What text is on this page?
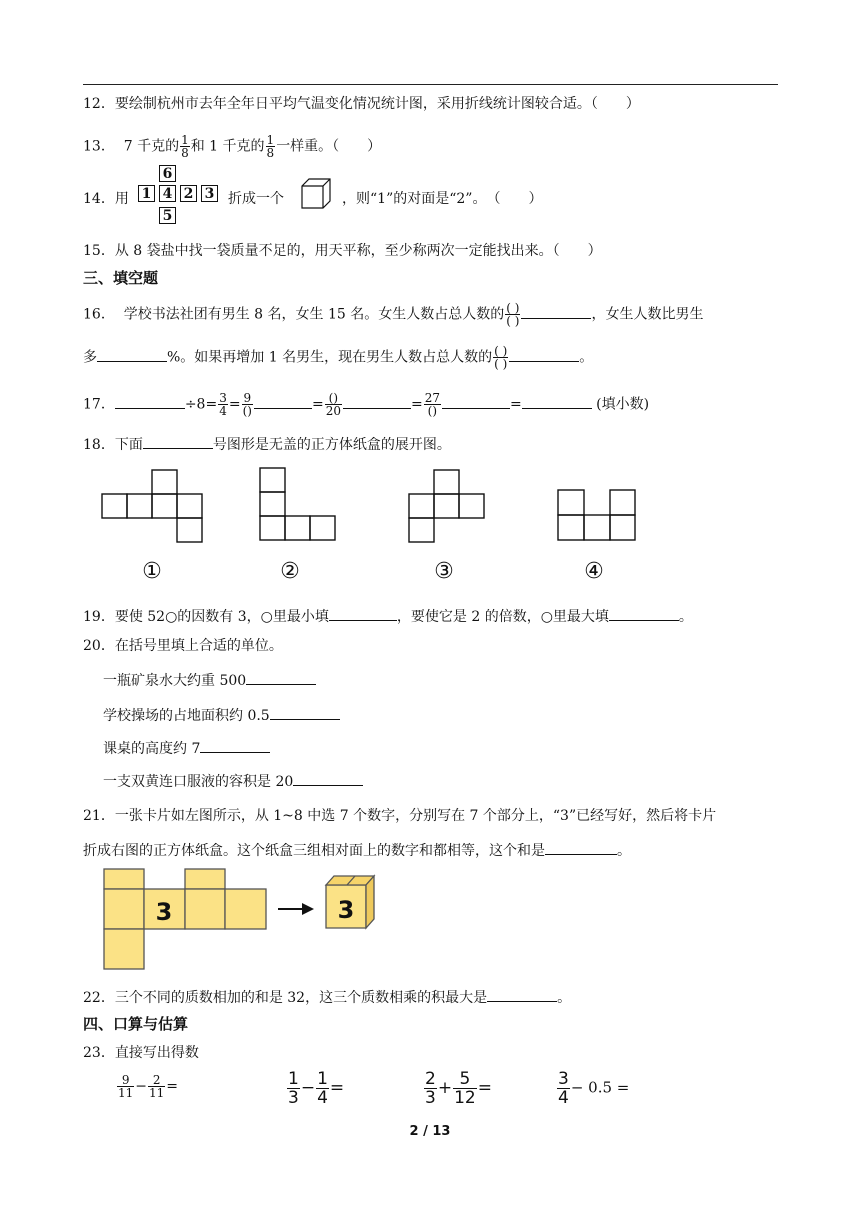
12．要绘制杭州市去年全年日平均气温变化情况统计图，采用折线统计图较合适。（　　）
13． 7 千克的 $\frac{1}{8}$ 和 1 千克的 $\frac{1}{8}$ 一样重。（　　）
14．用
6
1 4 2 3
5
折成一个	，则“1”的对面是“2”。　（　　）
15．从 8 袋盐中找一袋质量不足的，用天平称，至少称两次一定能找出来。（　　）
三、填空题
16． 学校书法社团有男生 8 名，女生 15 名。女生人数占总人数的 $\frac{( )}{( )}$	，女生人数比男生
多	%。如果再增加 1 名男生，现在男生人数占总人数的 $\frac{( )}{( )}$	。
17．	$\div 8= \frac{3}{4} = \frac{9}{()}$	= $\frac{()}{20}$	= $\frac{27}{()}$	=	(填小数)
18．下面	号图形是无盖的正方体纸盒的展开图。
①	②	③	④
19．要使 52○的因数有 3，○里最小填	，要使它是 2 的倍数，○里最大填	。
20．在括号里填上合适的单位。
一瓶矿泉水大约重 500
学校操场的占地面积约 0.5
课桌的高度约 7
一支双黄连口服液的容积是 20
21．一张卡片如左图所示，从 1~8 中选 7 个数字，分别写在 7 个部分上，“3”已经写好，然后将卡片
折成右图的正方体纸盒。这个纸盒三组相对面上的数字和都相等，这个和是	。
3	3
22．三个不同的质数相加的和是 32，这三个质数相乘的积最大是	。
四、口算与估算
23．直接写出得数
$\frac{9}{11} - \frac{2}{11}$ =	$\frac{1}{3} - \frac{1}{4}$ =	$\frac{2}{3} + \frac{5}{12}$ =	$\frac{3}{4} - 0.5$ =
2 / 13
